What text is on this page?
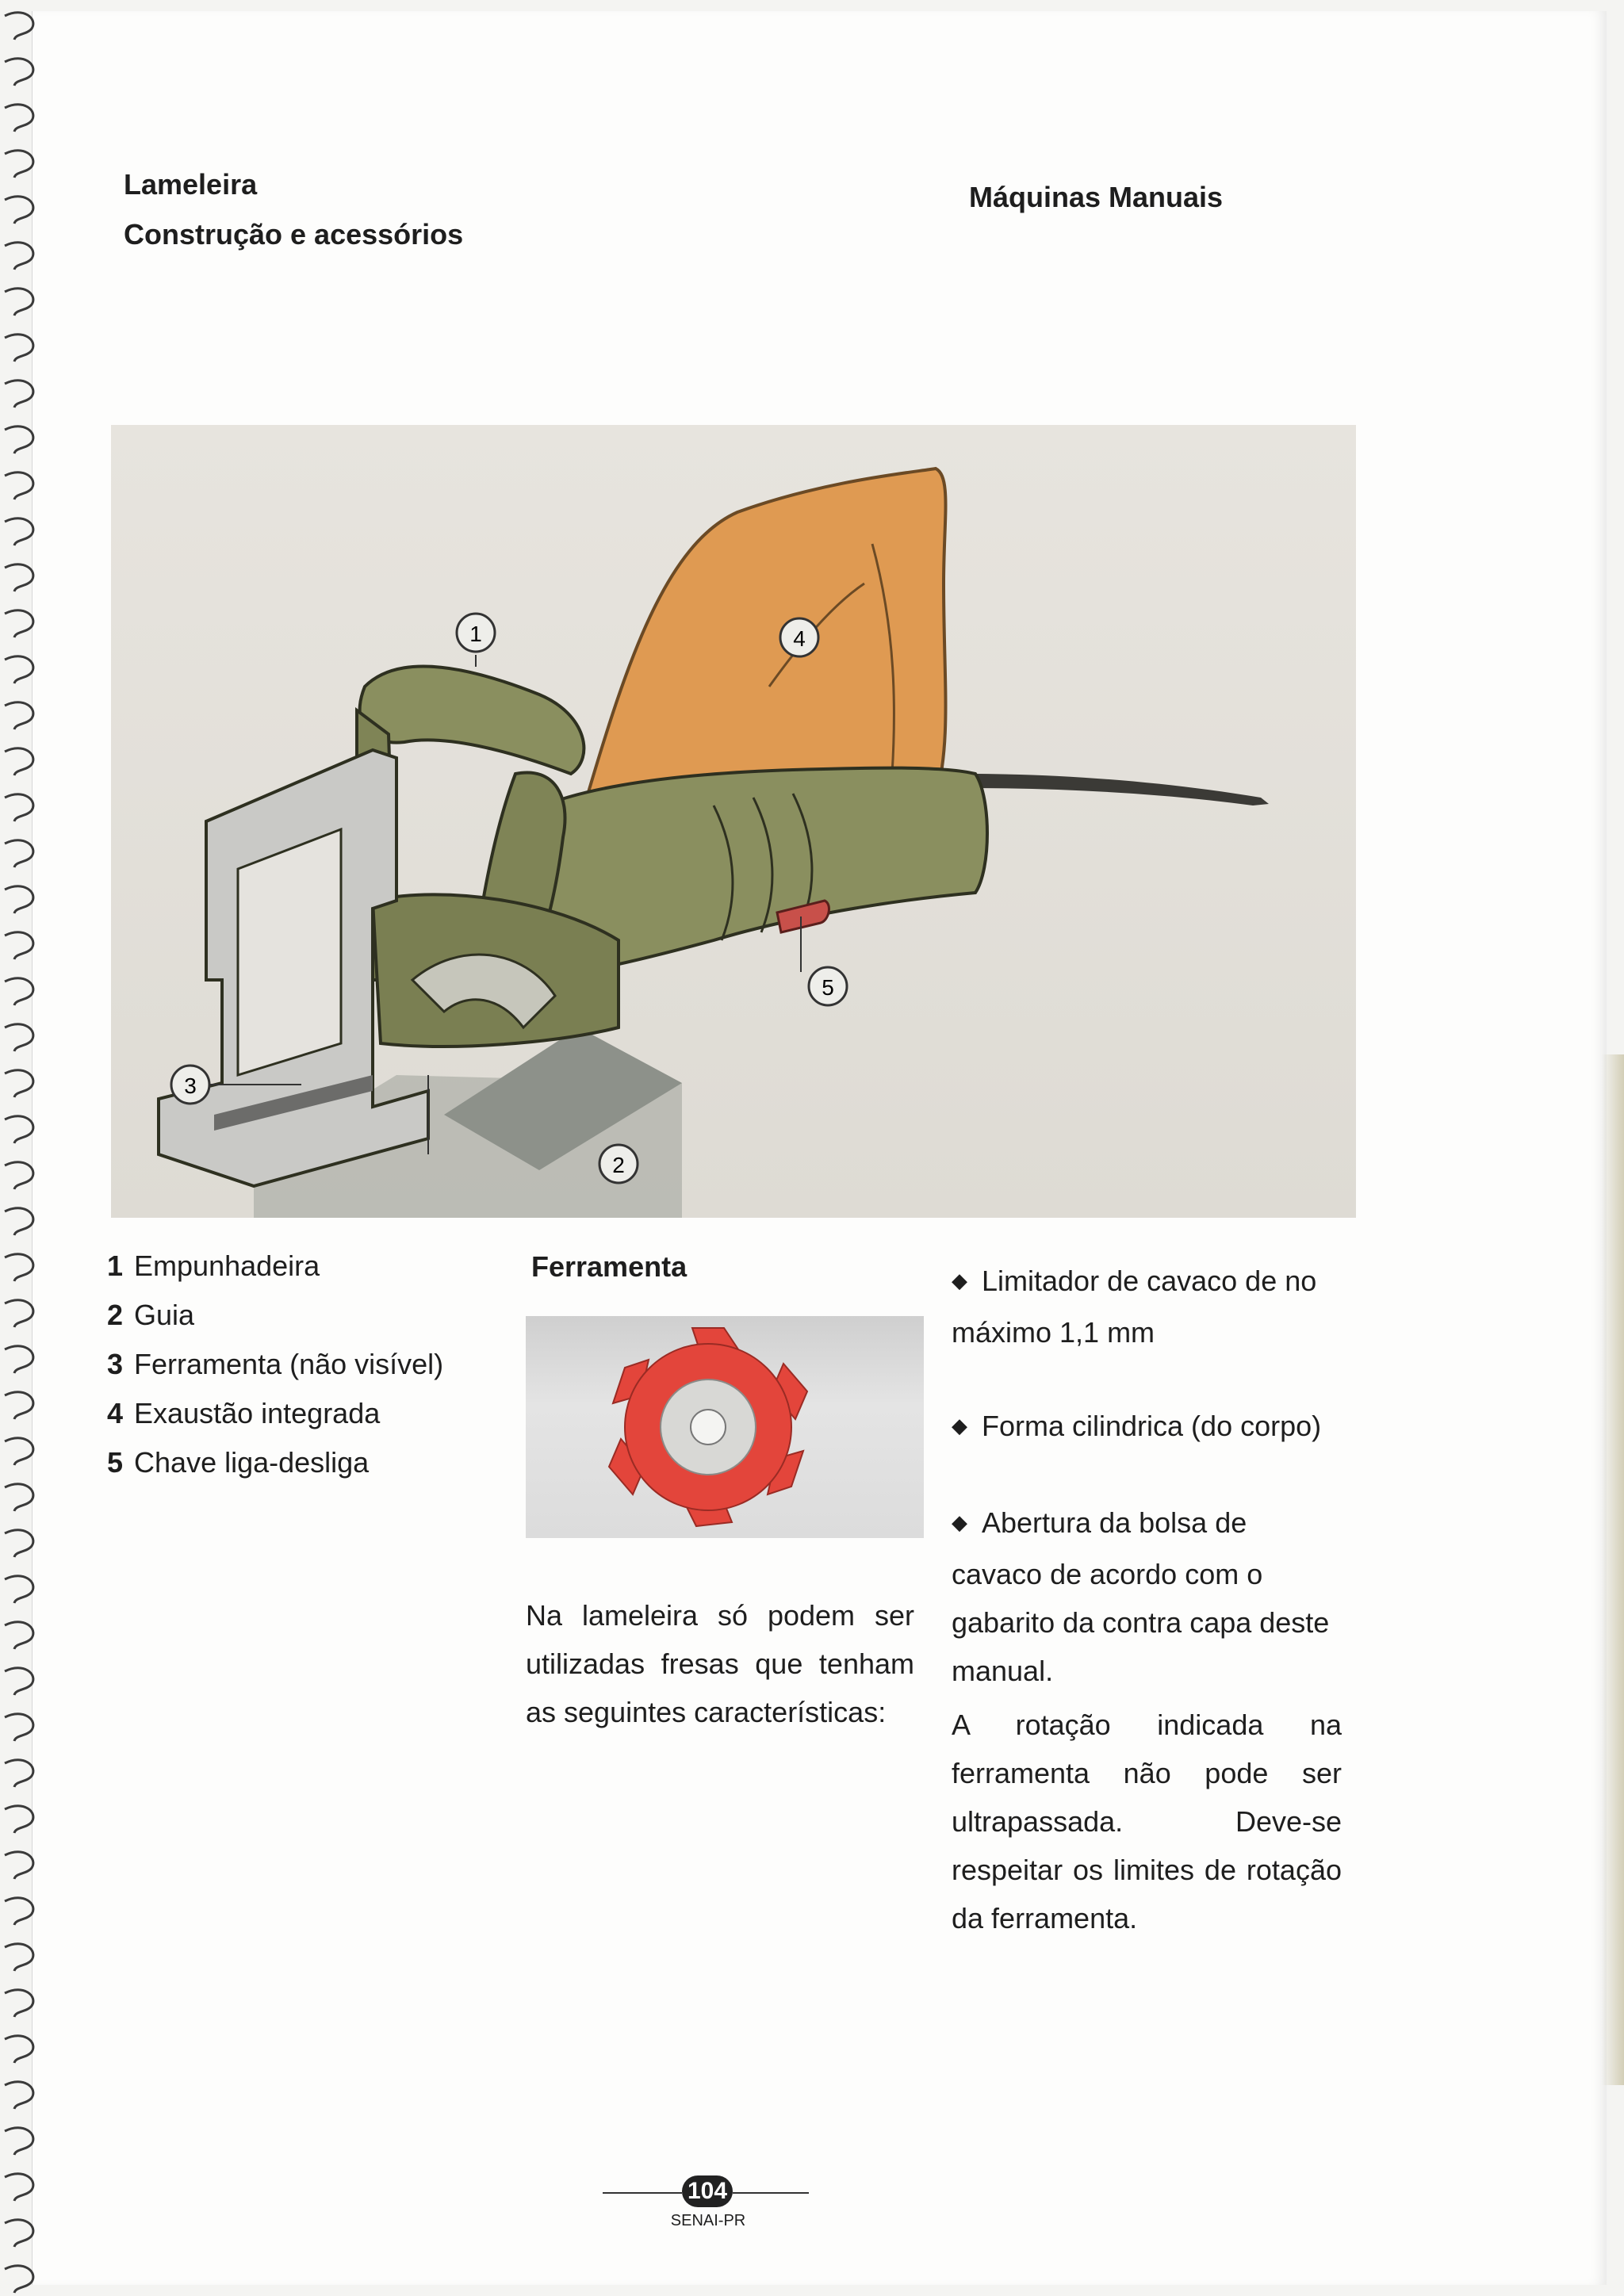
Lameleira
Construção e acessórios
Máquinas Manuais
1	4
5
3
2
1 Empunhadeira
2 Guia
3 Ferramenta (não visível)
4 Exaustão integrada
5 Chave liga-desliga
Ferramenta
Na lameleira só podem ser utilizadas fresas que tenham as seguintes características:
◆ Limitador de cavaco de no máximo 1,1 mm
◆ Forma cilindrica (do corpo)
◆ Abertura da bolsa de cavaco de acordo com o gabarito da contra capa deste manual.
A rotação indicada na ferramenta não pode ser ultrapassada. Deve-se respeitar os limites de rotação da ferramenta.
104
SENAI-PR
